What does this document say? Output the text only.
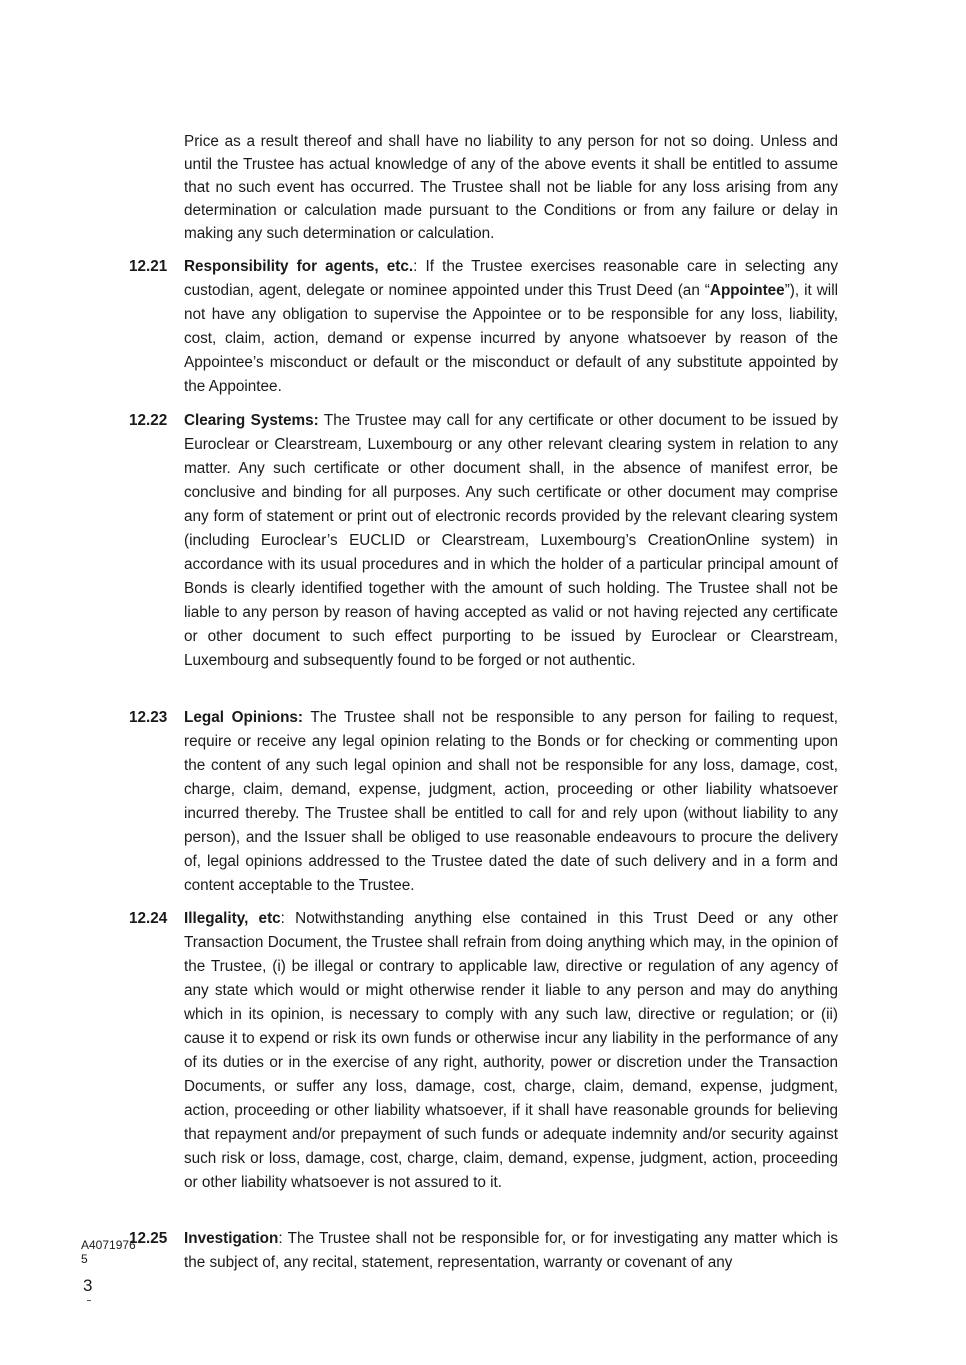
Price as a result thereof and shall have no liability to any person for not so doing. Unless and until the Trustee has actual knowledge of any of the above events it shall be entitled to assume that no such event has occurred. The Trustee shall not be liable for any loss arising from any determination or calculation made pursuant to the Conditions or from any failure or delay in making any such determination or calculation.

12.21	Responsibility for agents, etc.: If the Trustee exercises reasonable care in selecting any custodian, agent, delegate or nominee appointed under this Trust Deed (an “Appointee”), it will not have any obligation to supervise the Appointee or to be responsible for any loss, liability, cost, claim, action, demand or expense incurred by anyone whatsoever by reason of the Appointee’s misconduct or default or the misconduct or default of any substitute appointed by the Appointee.
12.22	Clearing Systems: The Trustee may call for any certificate or other document to be issued by Euroclear or Clearstream, Luxembourg or any other relevant clearing system in relation to any matter. Any such certificate or other document shall, in the absence of manifest error, be conclusive and binding for all purposes. Any such certificate or other document may comprise any form of statement or print out of electronic records provided by the relevant clearing system (including Euroclear’s EUCLID or Clearstream, Luxembourg’s CreationOnline system) in accordance with its usual procedures and in which the holder of a particular principal amount of Bonds is clearly identified together with the amount of such holding. The Trustee shall not be liable to any person by reason of having accepted as valid or not having rejected any certificate or other document to such effect purporting to be issued by Euroclear or Clearstream, Luxembourg and subsequently found to be forged or not authentic.
12.23	Legal Opinions: The Trustee shall not be responsible to any person for failing to request, require or receive any legal opinion relating to the Bonds or for checking or commenting upon the content of any such legal opinion and shall not be responsible for any loss, damage, cost, charge, claim, demand, expense, judgment, action, proceeding or other liability whatsoever incurred thereby. The Trustee shall be entitled to call for and rely upon (without liability to any person), and the Issuer shall be obliged to use reasonable endeavours to procure the delivery of, legal opinions addressed to the Trustee dated the date of such delivery and in a form and content acceptable to the Trustee.
12.24	Illegality, etc: Notwithstanding anything else contained in this Trust Deed or any other Transaction Document, the Trustee shall refrain from doing anything which may, in the opinion of the Trustee, (i) be illegal or contrary to applicable law, directive or regulation of any agency of any state which would or might otherwise render it liable to any person and may do anything which in its opinion, is necessary to comply with any such law, directive or regulation; or (ii) cause it to expend or risk its own funds or otherwise incur any liability in the performance of any of its duties or in the exercise of any right, authority, power or discretion under the Transaction Documents, or suffer any loss, damage, cost, charge, claim, demand, expense, judgment, action, proceeding or other liability whatsoever, if it shall have reasonable grounds for believing that repayment and/or prepayment of such funds or adequate indemnity and/or security against such risk or loss, damage, cost, charge, claim, demand, expense, judgment, action, proceeding or other liability whatsoever is not assured to it.
12.25	Investigation: The Trustee shall not be responsible for, or for investigating any matter which is the subject of, any recital, statement, representation, warranty or covenant of any
A40719765
3
